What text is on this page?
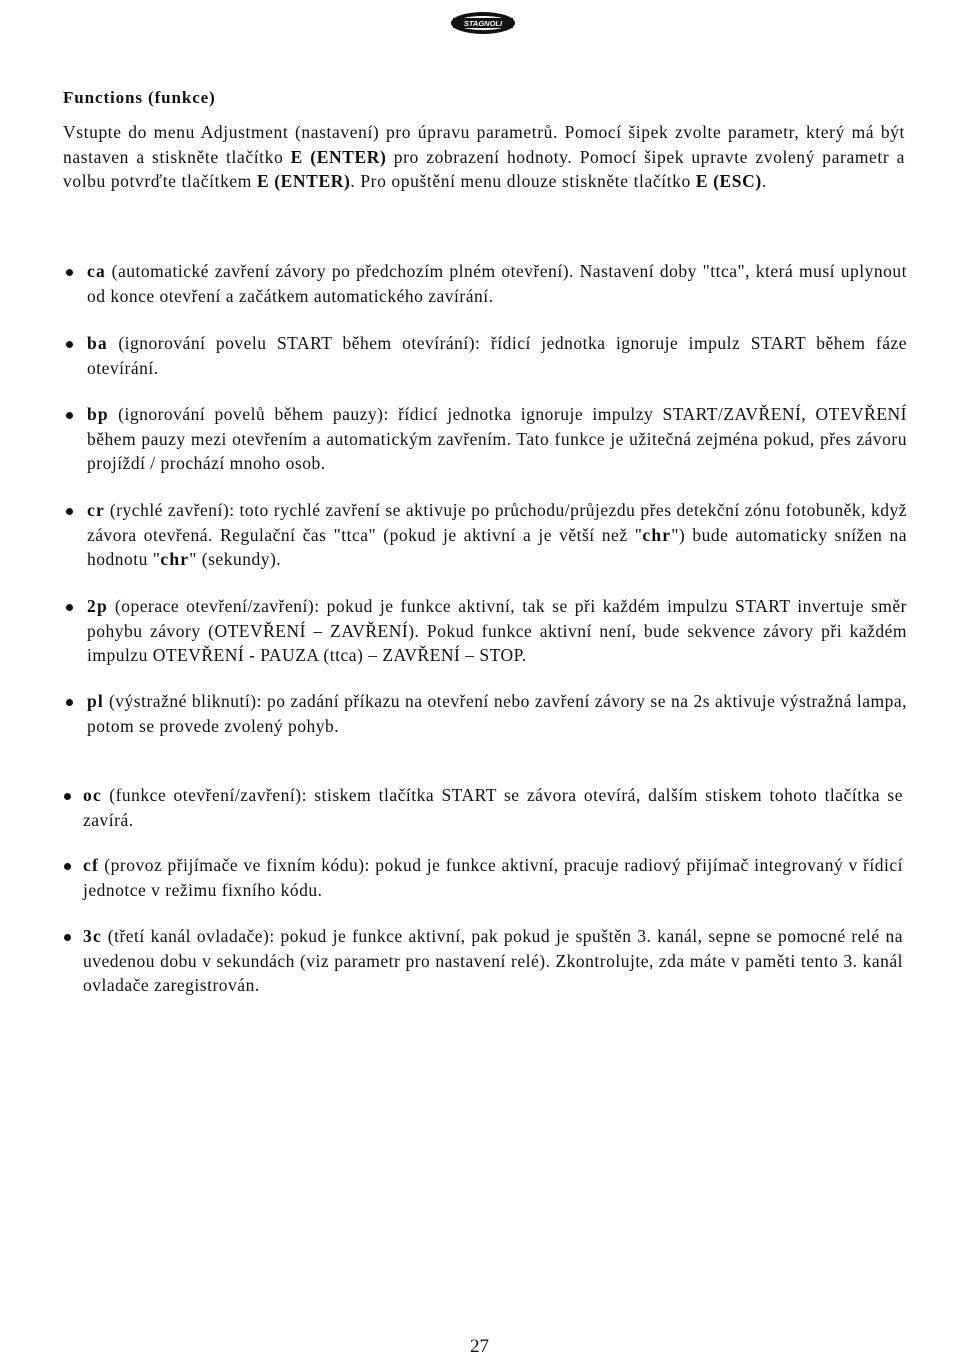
STAGNOLI
Functions (funkce)

Vstupte do menu Adjustment (nastavení) pro úpravu parametrů. Pomocí šipek zvolte parametr, který má být nastaven a stiskněte tlačítko E (ENTER) pro zobrazení hodnoty. Pomocí šipek upravte zvolený parametr a volbu potvrďte tlačítkem E (ENTER). Pro opuštění menu dlouze stiskněte tlačítko E (ESC).

ca (automatické zavření závory po předchozím plném otevření). Nastavení doby "ttca", která musí uplynout od konce otevření a začátkem automatického zavírání.

ba (ignorování povelu START během otevírání): řídicí jednotka ignoruje impulz START během fáze otevírání.

bp (ignorování povelů během pauzy): řídicí jednotka ignoruje impulzy START/ZAVŘENÍ, OTEVŘENÍ během pauzy mezi otevřením a automatickým zavřením. Tato funkce je užitečná zejména pokud, přes závoru projíždí / prochází mnoho osob.

cr (rychlé zavření): toto rychlé zavření se aktivuje po průchodu/průjezdu přes detekční zónu fotobuněk, když závora otevřená. Regulační čas "ttca" (pokud je aktivní a je větší než "chr") bude automaticky snížen na hodnotu "chr" (sekundy).

2p (operace otevření/zavření): pokud je funkce aktivní, tak se při každém impulzu START invertuje směr pohybu závory (OTEVŘENÍ – ZAVŘENÍ). Pokud funkce aktivní není, bude sekvence závory při každém impulzu OTEVŘENÍ - PAUZA (ttca) – ZAVŘENÍ – STOP.

pl (výstražné bliknutí): po zadání příkazu na otevření nebo zavření závory se na 2s aktivuje výstražná lampa, potom se provede zvolený pohyb.

oc (funkce otevření/zavření): stiskem tlačítka START se závora otevírá, dalším stiskem tohoto tlačítka se zavírá.

cf (provoz přijímače ve fixním kódu): pokud je funkce aktivní, pracuje radiový přijímač integrovaný v řídicí jednotce v režimu fixního kódu.

3c (třetí kanál ovladače): pokud je funkce aktivní, pak pokud je spuštěn 3. kanál, sepne se pomocné relé na uvedenou dobu v sekundách (viz parametr pro nastavení relé). Zkontrolujte, zda máte v paměti tento 3. kanál ovladače zaregistrován.

27
